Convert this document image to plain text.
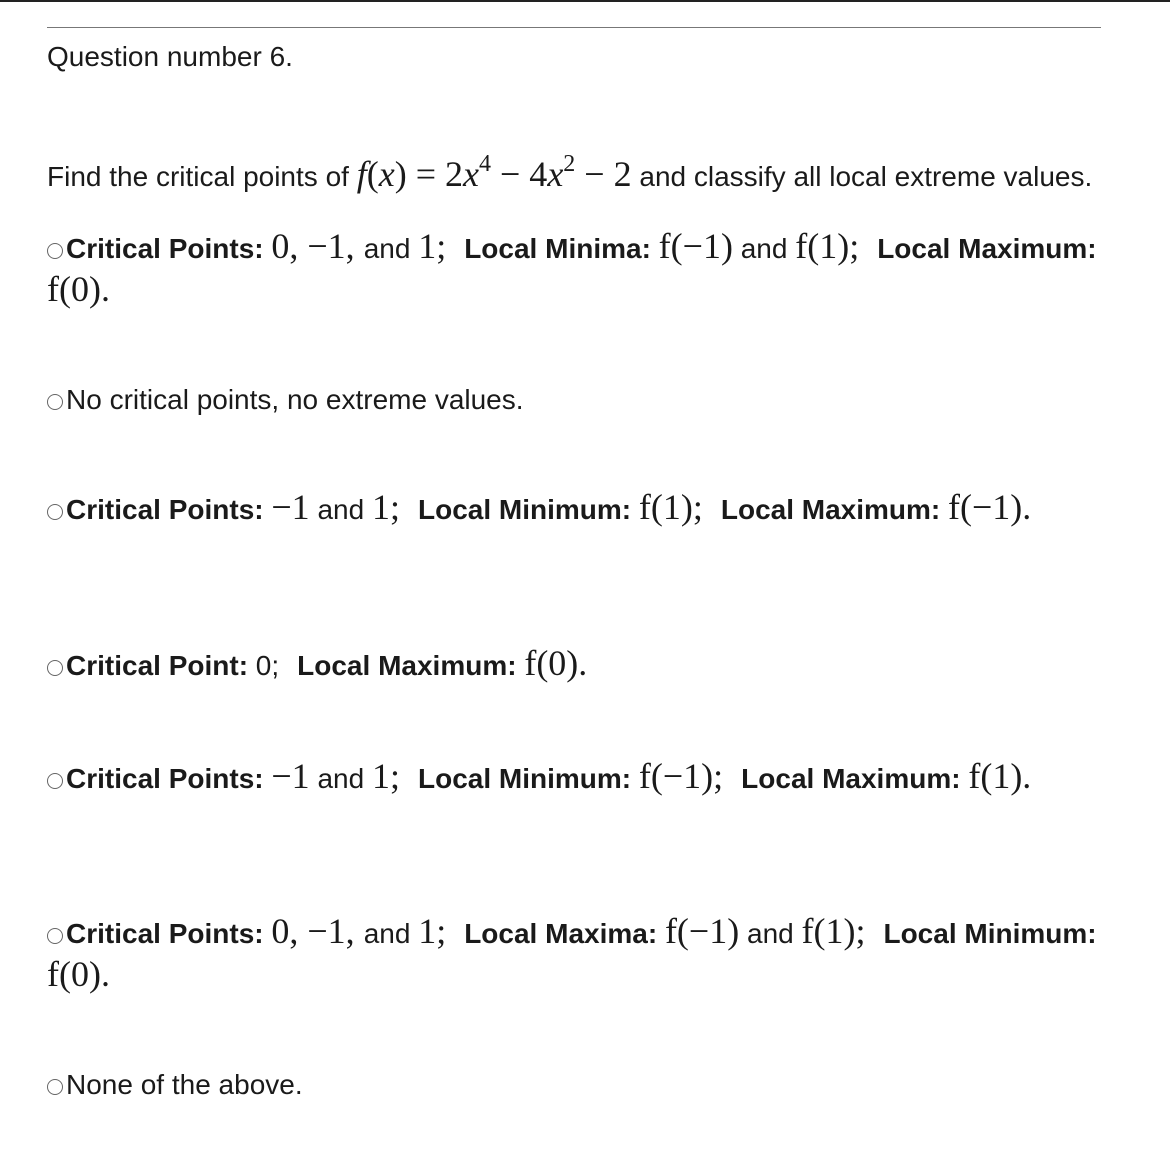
Question number 6.
Find the critical points of $f(x) = 2x^4 - 4x^2 - 2$ and classify all local extreme values.
Critical Points: 0, −1, and 1; Local Minima: f(−1) and f(1); Local Maximum: f(0).
No critical points, no extreme values.
Critical Points: −1 and 1; Local Minimum: f(1); Local Maximum: f(−1).
Critical Point: 0; Local Maximum: f(0).
Critical Points: −1 and 1; Local Minimum: f(−1); Local Maximum: f(1).
Critical Points: 0, −1, and 1; Local Maxima: f(−1) and f(1); Local Minimum: f(0).
None of the above.
